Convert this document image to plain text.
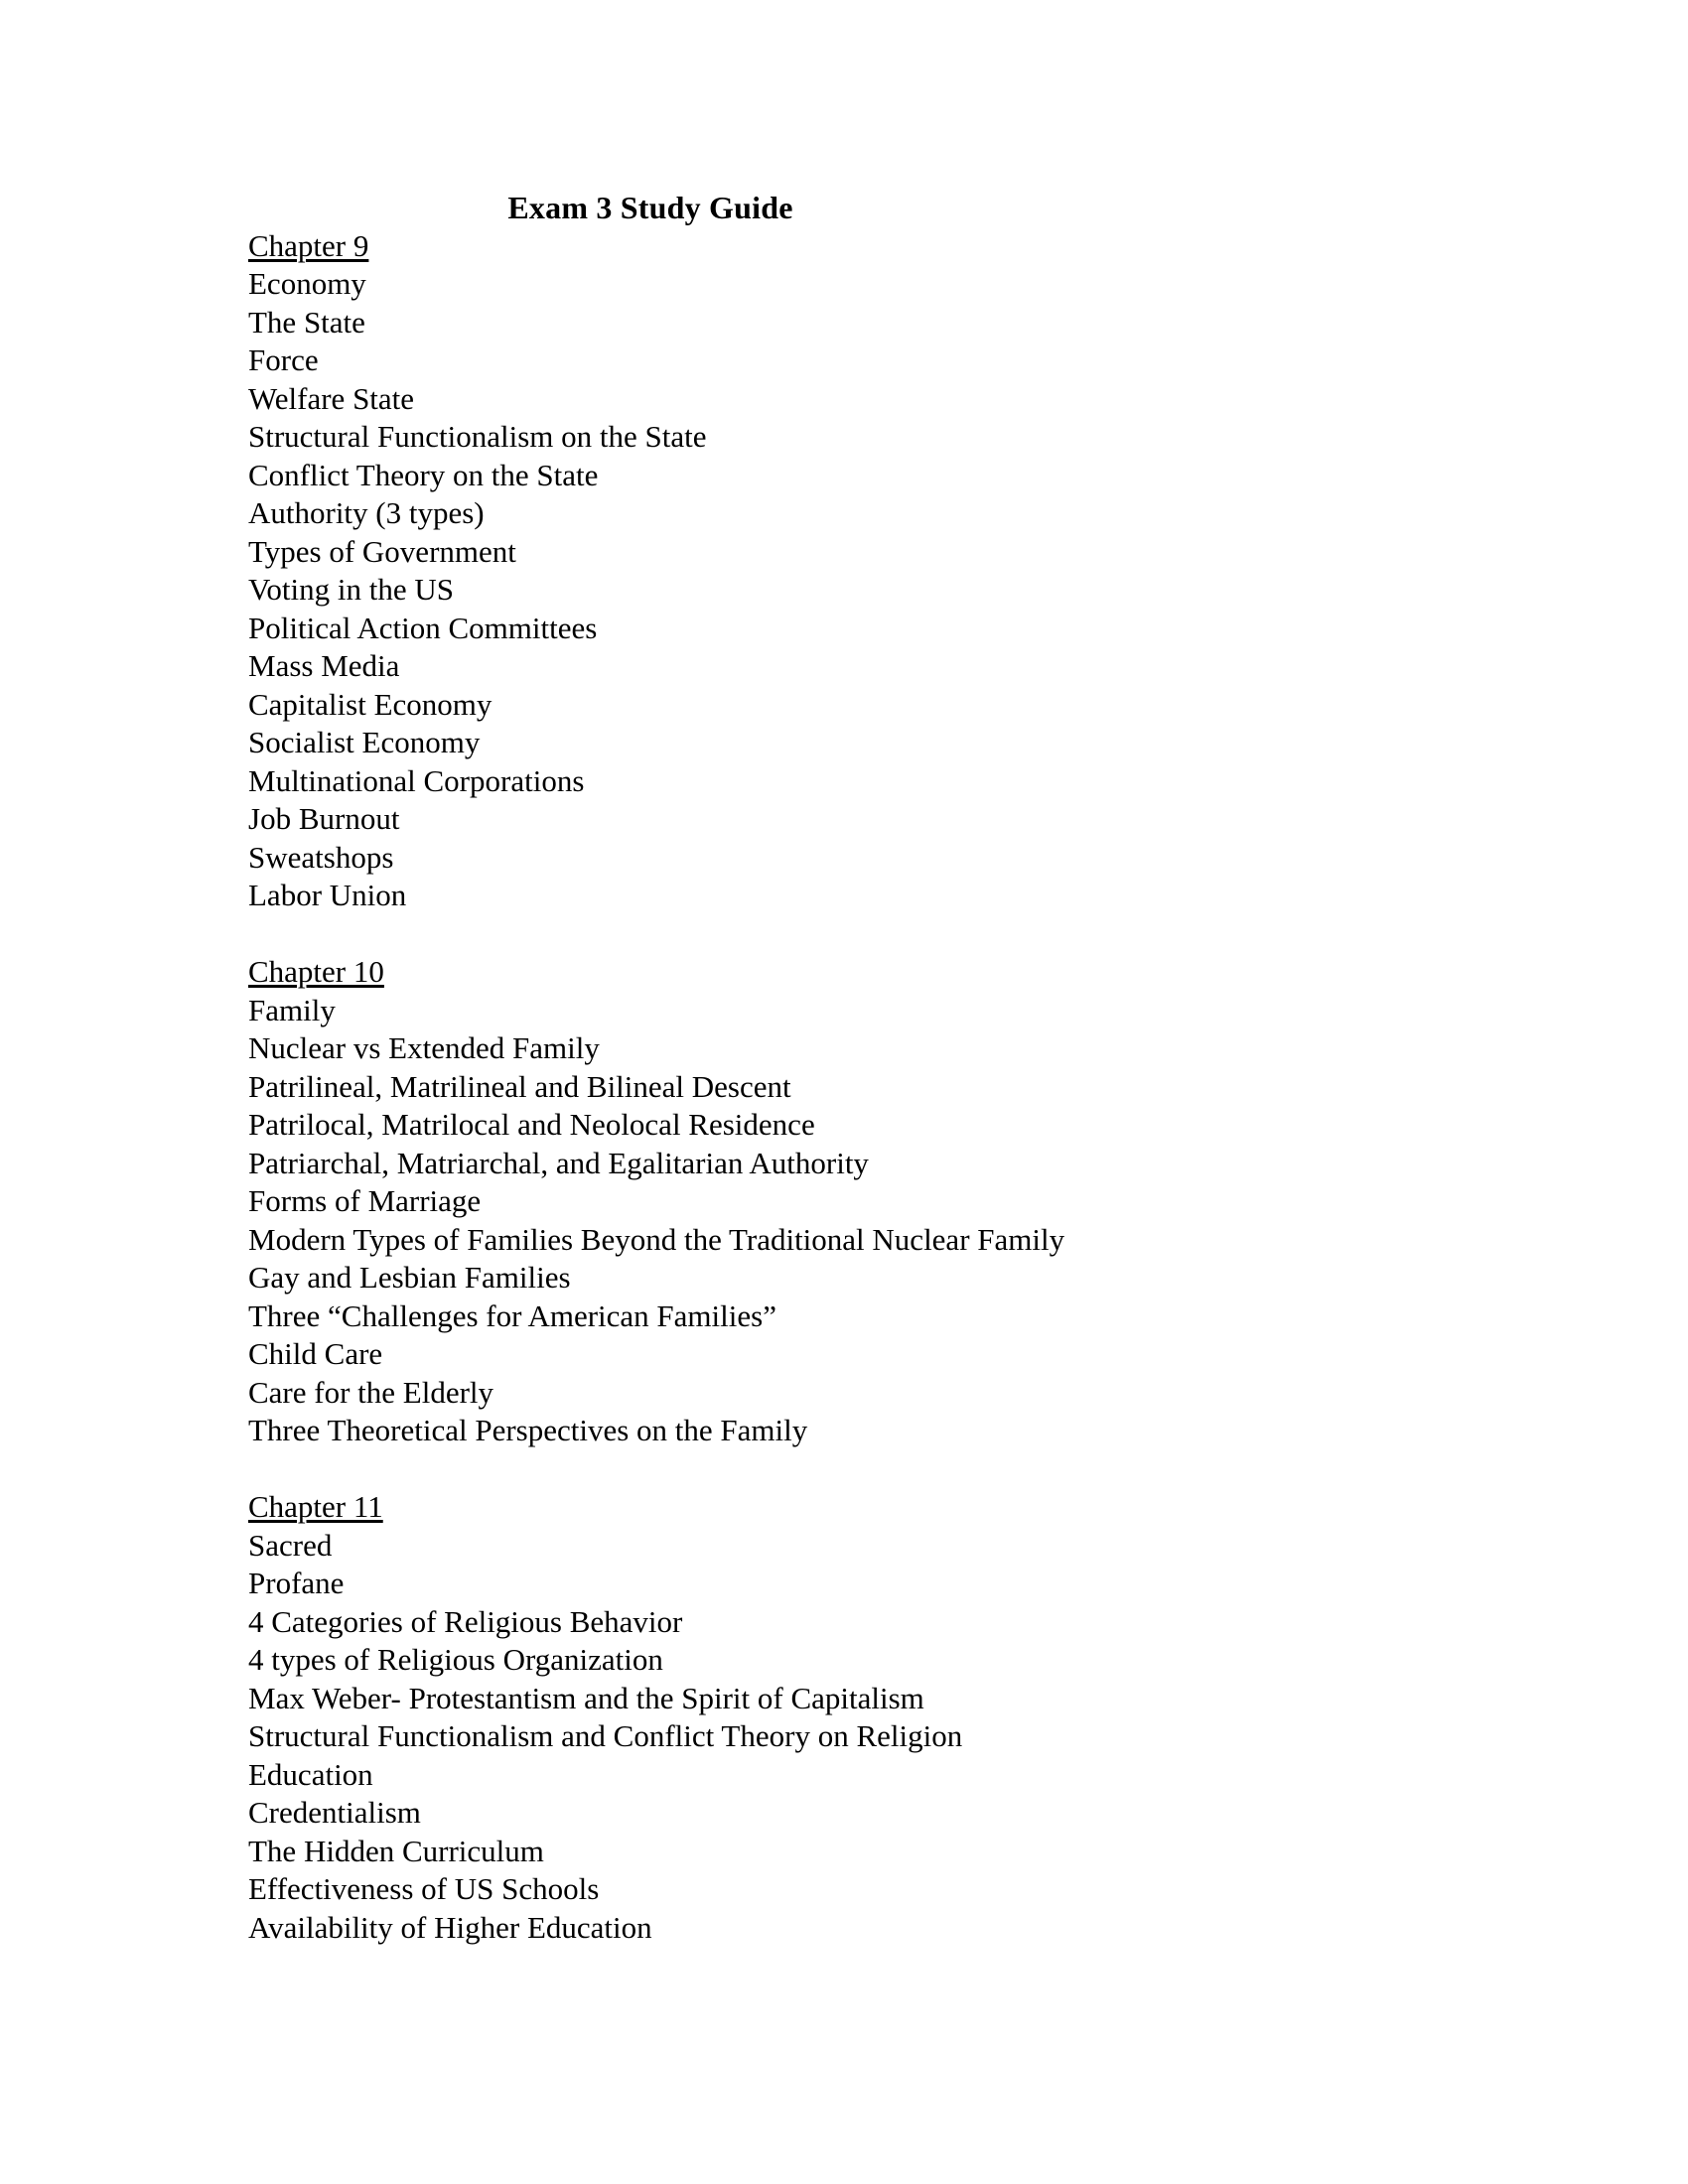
Exam 3 Study Guide
Chapter 9
Economy
The State
Force
Welfare State
Structural Functionalism on the State
Conflict Theory on the State
Authority (3 types)
Types of Government
Voting in the US
Political Action Committees
Mass Media
Capitalist Economy
Socialist Economy
Multinational Corporations
Job Burnout
Sweatshops
Labor Union
Chapter 10
Family
Nuclear vs Extended Family
Patrilineal, Matrilineal and Bilineal Descent
Patrilocal, Matrilocal and Neolocal Residence
Patriarchal, Matriarchal, and Egalitarian Authority
Forms of Marriage
Modern Types of Families Beyond the Traditional Nuclear Family
Gay and Lesbian Families
Three “Challenges for American Families”
Child Care
Care for the Elderly
Three Theoretical Perspectives on the Family
Chapter 11
Sacred
Profane
4 Categories of Religious Behavior
4 types of Religious Organization
Max Weber- Protestantism and the Spirit of Capitalism
Structural Functionalism and Conflict Theory on Religion
Education
Credentialism
The Hidden Curriculum
Effectiveness of US Schools
Availability of Higher Education
